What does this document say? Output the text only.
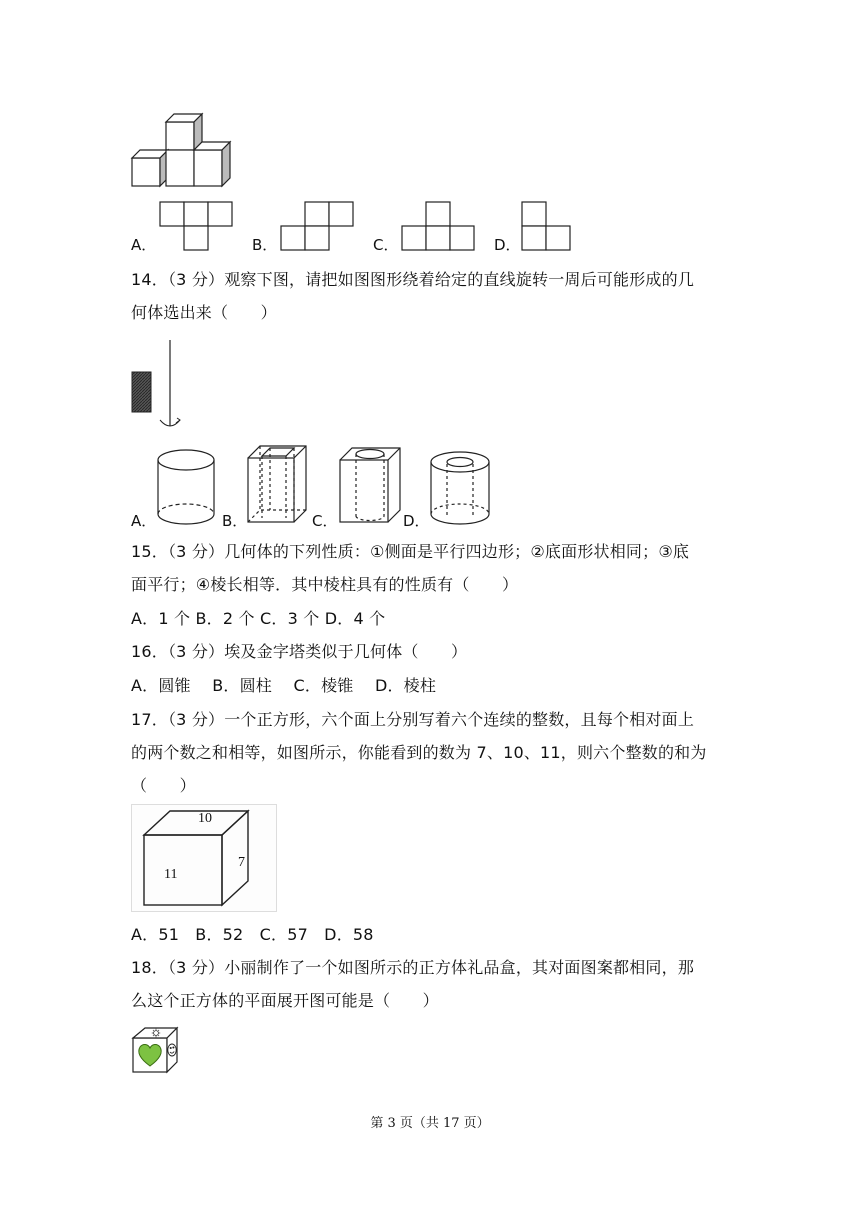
A．	B．	C．	D．
14．（3 分）观察下图，请把如图图形绕着给定的直线旋转一周后可能形成的几
何体选出来（　　）
A．	B．	C．	D．
15．（3 分）几何体的下列性质：①侧面是平行四边形；②底面形状相同；③底
面平行；④棱长相等．其中棱柱具有的性质有（　　）
A．1 个 B．2 个 C．3 个 D．4 个
16．（3 分）埃及金字塔类似于几何体（　　）
A．圆锥　 B．圆柱　 C．棱锥　 D．棱柱
17．（3 分）一个正方形，六个面上分别写着六个连续的整数，且每个相对面上
的两个数之和相等，如图所示，你能看到的数为 7、10、11，则六个整数的和为
（　　）
10
11
7
A．51　B．52　C．57　D．58
18．（3 分）小丽制作了一个如图所示的正方体礼品盒，其对面图案都相同，那
么这个正方体的平面展开图可能是（　　）
第 3 页（共 17 页）
